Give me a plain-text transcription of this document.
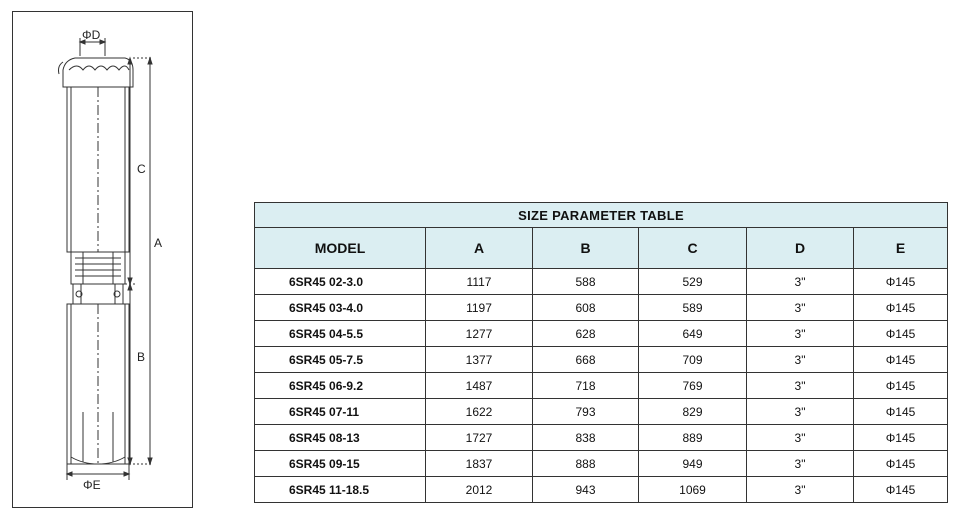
ΦD
C
A
B
ΦE
SIZE PARAMETER TABLE					
MODEL	A	B	C	D	E
6SR45 02-3.0	1117	588	529	3"	Φ145
6SR45 03-4.0	1197	608	589	3"	Φ145
6SR45 04-5.5	1277	628	649	3"	Φ145
6SR45 05-7.5	1377	668	709	3"	Φ145
6SR45 06-9.2	1487	718	769	3"	Φ145
6SR45 07-11	1622	793	829	3"	Φ145
6SR45 08-13	1727	838	889	3"	Φ145
6SR45 09-15	1837	888	949	3"	Φ145
6SR45 11-18.5	2012	943	1069	3"	Φ145
